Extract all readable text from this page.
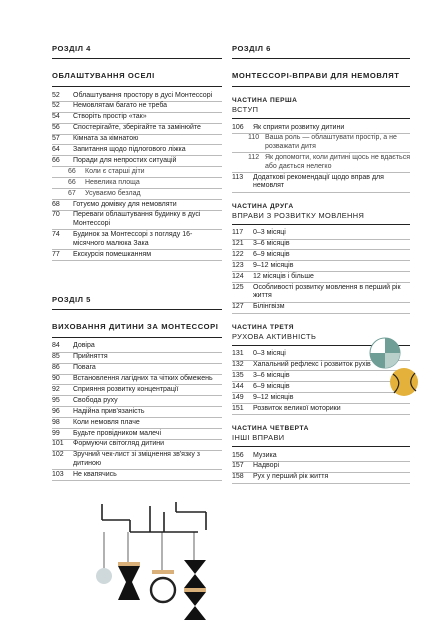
РОЗДІЛ 4
ОБЛАШТУВАННЯ ОСЕЛІ
52	Облаштування простору в дусі Монтессорі
52	Немовлятам багато не треба
54	Створіть простір «так»
56	Спостерігайте, зберігайте та замінюйте
57	Кімната за кімнатою
64	Запитання щодо підлогового ліжка
66	Поради для непростих ситуацій
66	Коли є старші діти
66	Невелика площа
67	Усуваємо безлад
68	Готуємо домівку для немовляти
70	Переваги облаштування будинку в дусі Монтессорі
74	Будинок за Монтессорі з погляду 16-місячного малюка Зака
77	Екскурсія помешканням
РОЗДІЛ 5
ВИХОВАННЯ ДИТИНИ ЗА МОНТЕССОРІ
84	Довіра
85	Прийняття
86	Повага
90	Встановлення лагідних та чітких обмежень
92	Сприяння розвитку концентрації
95	Свобода руху
96	Надійна прив'язаність
98	Коли немовля плаче
99	Будьте провідником малечі
101	Формуючи світогляд дитини
102	Зручний чек-лист зі зміцнення зв'язку з дитиною
103	Не квапячись
РОЗДІЛ 6
МОНТЕССОРІ-ВПРАВИ ДЛЯ НЕМОВЛЯТ
ЧАСТИНА ПЕРША
ВСТУП
106	Як сприяти розвитку дитини
110 Ваша роль — облаштувати простір, а не розважати дитя
112 Як допомогти, коли дитині щось не вдається або дається нелегко
113	Додаткові рекомендації щодо вправ для немовлят
ЧАСТИНА ДРУГА
ВПРАВИ З РОЗВИТКУ МОВЛЕННЯ
117	0–3 місяці
121	3–6 місяців
122	6–9 місяців
123	9–12 місяців
124	12 місяців і більше
125	Особливості розвитку мовлення в перший рік життя
127	Білінгвізм
ЧАСТИНА ТРЕТЯ
РУХОВА АКТИВНІСТЬ
131	0–3 місяці
132	Хапальний рефлекс і розвиток рухів
135	3–6 місяців
144	6–9 місяців
149	9–12 місяців
151	Розвиток великої моторики
ЧАСТИНА ЧЕТВЕРТА
ІНШІ ВПРАВИ
156	Музика
157	Надворі
158	Рух у перший рік життя
